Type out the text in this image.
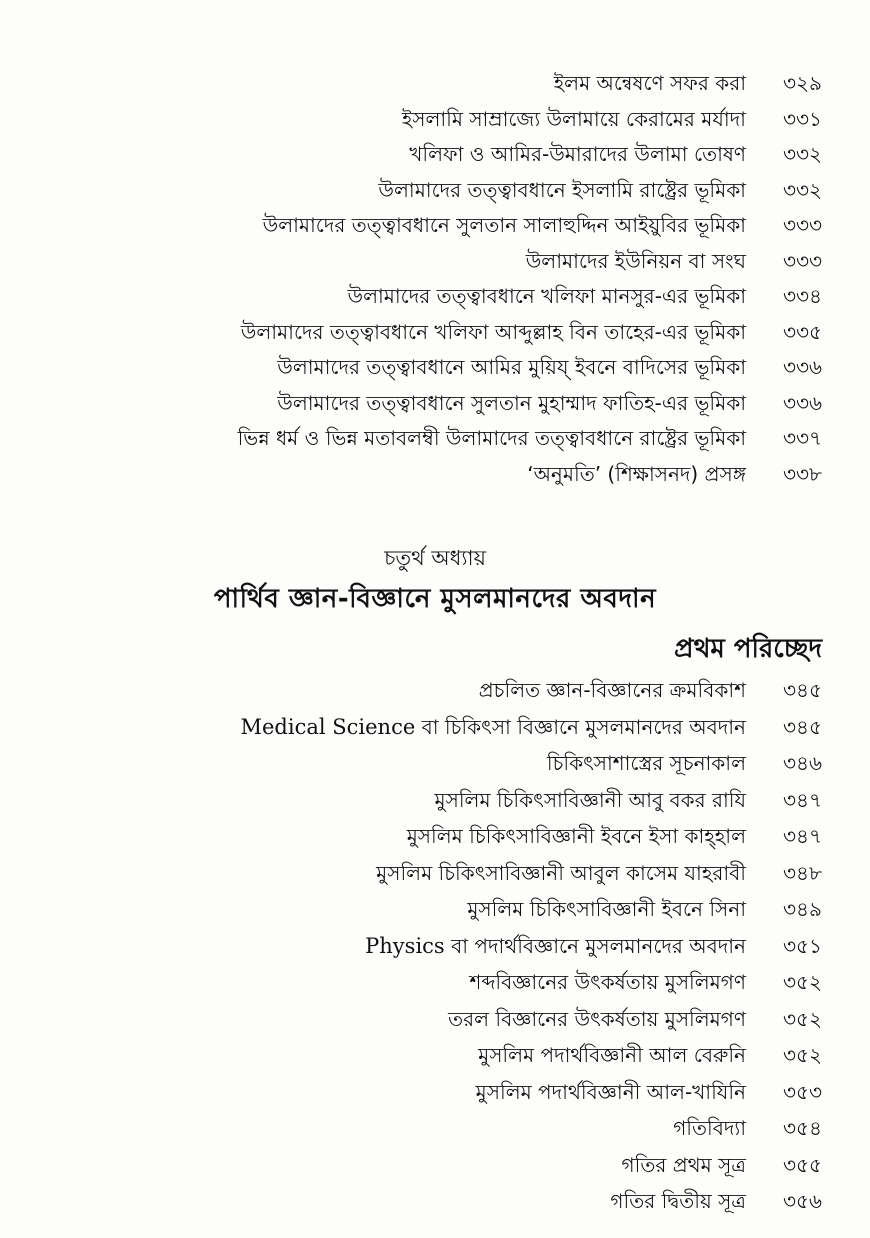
ইলম অন্বেষণে সফর করা	৩২৯
ইসলামি সাম্রাজ্যে উলামায়ে কেরামের মর্যাদা	৩৩১
খলিফা ও আমির-উমারাদের উলামা তোষণ	৩৩২
উলামাদের তত্ত্বাবধানে ইসলামি রাষ্ট্রের ভূমিকা	৩৩২
উলামাদের তত্ত্বাবধানে সুলতান সালাহুদ্দিন আইয়ুবির ভূমিকা	৩৩৩
উলামাদের ইউনিয়ন বা সংঘ	৩৩৩
উলামাদের তত্ত্বাবধানে খলিফা মানসুর-এর ভূমিকা	৩৩৪
উলামাদের তত্ত্বাবধানে খলিফা আব্দুল্লাহ বিন তাহের-এর ভূমিকা	৩৩৫
উলামাদের তত্ত্বাবধানে আমির মুয়িয্ ইবনে বাদিসের ভূমিকা	৩৩৬
উলামাদের তত্ত্বাবধানে সুলতান মুহাম্মাদ ফাতিহ-এর ভূমিকা	৩৩৬
ভিন্ন ধর্ম ও ভিন্ন মতাবলম্বী উলামাদের তত্ত্বাবধানে রাষ্ট্রের ভূমিকা	৩৩৭
‘অনুমতি’ (শিক্ষাসনদ) প্রসঙ্গ	৩৩৮
চতুর্থ অধ্যায়
পার্থিব জ্ঞান-বিজ্ঞানে মুসলমানদের অবদান
প্রথম পরিচ্ছেদ
প্রচলিত জ্ঞান-বিজ্ঞানের ক্রমবিকাশ	৩৪৫
Medical Science বা চিকিৎসা বিজ্ঞানে মুসলমানদের অবদান	৩৪৫
চিকিৎসাশাস্ত্রের সূচনাকাল	৩৪৬
মুসলিম চিকিৎসাবিজ্ঞানী আবু বকর রাযি	৩৪৭
মুসলিম চিকিৎসাবিজ্ঞানী ইবনে ইসা কাহ্হাল	৩৪৭
মুসলিম চিকিৎসাবিজ্ঞানী আবুল কাসেম যাহরাবী	৩৪৮
মুসলিম চিকিৎসাবিজ্ঞানী ইবনে সিনা	৩৪৯
Physics বা পদার্থবিজ্ঞানে মুসলমানদের অবদান	৩৫১
শব্দবিজ্ঞানের উৎকর্ষতায় মুসলিমগণ	৩৫২
তরল বিজ্ঞানের উৎকর্ষতায় মুসলিমগণ	৩৫২
মুসলিম পদার্থবিজ্ঞানী আল বেরুনি	৩৫২
মুসলিম পদার্থবিজ্ঞানী আল-খাযিনি	৩৫৩
গতিবিদ্যা	৩৫৪
গতির প্রথম সূত্র	৩৫৫
গতির দ্বিতীয় সূত্র	৩৫৬
